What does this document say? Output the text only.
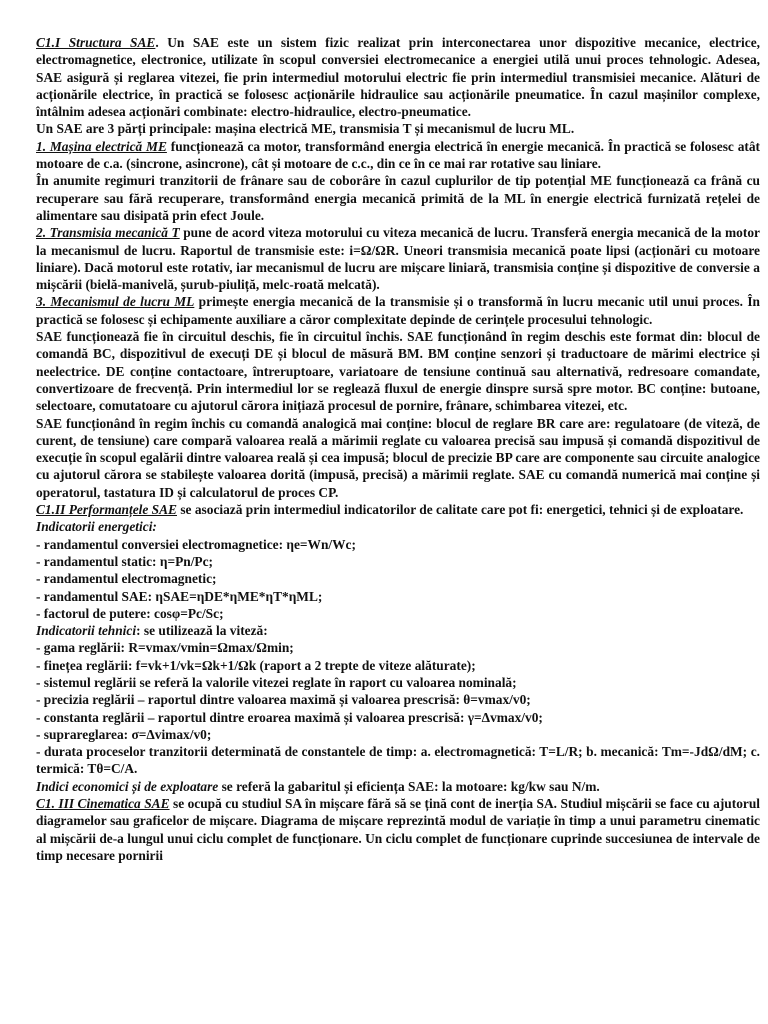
C1.I Structura SAE. Un SAE este un sistem fizic realizat prin interconectarea unor dispozitive mecanice, electrice, electromagnetice, electronice, utilizate în scopul conversiei electromecanice a energiei utilă unui proces tehnologic. Adesea, SAE asigură și reglarea vitezei, fie prin intermediul motorului electric fie prin intermediul transmisiei mecanice. Alături de acționările electrice, în practică se folosesc acționările hidraulice sau acționările pneumatice. În cazul mașinilor complexe, întâlnim adesea acționări combinate: electro-hidraulice, electro-pneumatice.

Un SAE are 3 părți principale: mașina electrică ME, transmisia T și mecanismul de lucru ML.

1. Mașina electrică ME funcționează ca motor, transformând energia electrică în energie mecanică. În practică se folosesc atât motoare de c.a. (sincrone, asincrone), cât și motoare de c.c., din ce în ce mai rar rotative sau liniare.

În anumite regimuri tranzitorii de frânare sau de coborâre în cazul cuplurilor de tip potențial ME funcționează ca frână cu recuperare sau fără recuperare, transformând energia mecanică primită de la ML în energie electrică furnizată rețelei de alimentare sau disipată prin efect Joule.

2. Transmisia mecanică T pune de acord viteza motorului cu viteza mecanică de lucru. Transferă energia mecanică de la motor la mecanismul de lucru. Raportul de transmisie este: i=Ω/ΩR. Uneori transmisia mecanică poate lipsi (acționări cu motoare liniare). Dacă motorul este rotativ, iar mecanismul de lucru are mișcare liniară, transmisia conține și dispozitive de conversie a mișcării (bielă-manivelă, șurub-piuliță, melc-roată melcată).

3. Mecanismul de lucru ML primește energia mecanică de la transmisie și o transformă în lucru mecanic util unui proces. În practică se folosesc și echipamente auxiliare a căror complexitate depinde de cerințele procesului tehnologic.

SAE funcționează fie în circuitul deschis, fie în circuitul închis. SAE funcționând în regim deschis este format din: blocul de comandă BC, dispozitivul de execuți DE și blocul de măsură BM. BM conține senzori și traductoare de mărimi electrice și neelectrice. DE conține contactoare, întreruptoare, variatoare de tensiune continuă sau alternativă, redresoare comandate, convertizoare de frecvență. Prin intermediul lor se reglează fluxul de energie dinspre sursă spre motor. BC conține: butoane, selectoare, comutatoare cu ajutorul cărora inițiază procesul de pornire, frânare, schimbarea vitezei, etc.

SAE funcționând în regim închis cu comandă analogică mai conține: blocul de reglare BR care are: regulatoare (de viteză, de curent, de tensiune) care compară valoarea reală a mărimii reglate cu valoarea precisă sau impusă și comandă dispozitivul de execuție în scopul egalării dintre valoarea reală și cea impusă; blocul de precizie BP care are componente sau circuite analogice cu ajutorul cărora se stabilește valoarea dorită (impusă, precisă) a mărimii reglate. SAE cu comandă numerică mai conține și operatorul, tastatura ID și calculatorul de proces CP.

C1.II Performanțele SAE se asociază prin intermediul indicatorilor de calitate care pot fi: energetici, tehnici și de exploatare.

Indicatorii energetici:

- randamentul conversiei electromagnetice: ηe=Wn/Wc;

- randamentul static: η=Pn/Pc;

- randamentul electromagnetic;

- randamentul SAE: ηSAE=ηDE*ηME*ηT*ηML;

- factorul de putere: cosφ=Pc/Sc;

Indicatorii tehnici: se utilizează la viteză:

- gama reglării: R=vmax/vmin=Ωmax/Ωmin;

- finețea reglării: f=vk+1/vk=Ωk+1/Ωk (raport a 2 trepte de viteze alăturate);

- sistemul reglării se referă la valorile vitezei reglate în raport cu valoarea nominală;

- precizia reglării – raportul dintre valoarea maximă și valoarea prescrisă: θ=vmax/v0;

- constanta reglării – raportul dintre eroarea maximă și valoarea prescrisă: γ=Δvmax/v0;

- suprareglarea: σ=Δvimax/v0;

- durata proceselor tranzitorii determinată de constantele de timp: a. electromagnetică: T=L/R; b. mecanică: Tm=-JdΩ/dM; c. termică: Tθ=C/A.

Indici economici și de exploatare se referă la gabaritul și eficiența SAE: la motoare: kg/kw sau N/m.

C1. III Cinematica SAE se ocupă cu studiul SA în mișcare fără să se țină cont de inerția SA. Studiul mișcării se face cu ajutorul diagramelor sau graficelor de mișcare. Diagrama de mișcare reprezintă modul de variație în timp a unui parametru cinematic al mișcării de-a lungul unui ciclu complet de funcționare. Un ciclu complet de funcționare cuprinde succesiunea de intervale de timp necesare pornirii
